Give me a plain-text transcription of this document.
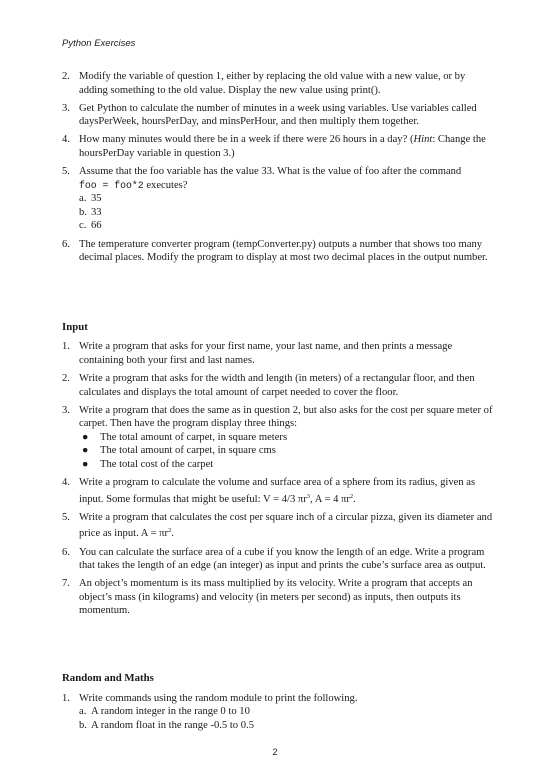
Python Exercises
2. Modify the variable of question 1, either by replacing the old value with a new value, or by adding something to the old value. Display the new value using print().
3. Get Python to calculate the number of minutes in a week using variables. Use variables called daysPerWeek, hoursPerDay, and minsPerHour, and then multiply them together.
4. How many minutes would there be in a week if there were 26 hours in a day? (Hint: Change the hoursPerDay variable in question 3.)
5. Assume that the foo variable has the value 33. What is the value of foo after the command
foo = foo*2 executes?
a. 35
b. 33
c. 66
6. The temperature converter program (tempConverter.py) outputs a number that shows too many decimal places. Modify the program to display at most two decimal places in the output number.
Input
1. Write a program that asks for your first name, your last name, and then prints a message containing both your first and last names.
2. Write a program that asks for the width and length (in meters) of a rectangular floor, and then calculates and displays the total amount of carpet needed to cover the floor.
3. Write a program that does the same as in question 2, but also asks for the cost per square meter of carpet. Then have the program display three things:
● The total amount of carpet, in square meters
● The total amount of carpet, in square cms
● The total cost of the carpet
4. Write a program to calculate the volume and surface area of a sphere from its radius, given as input. Some formulas that might be useful: V = 4/3 $\pi r^3$, A = 4 $\pi r^2$.
5. Write a program that calculates the cost per square inch of a circular pizza, given its diameter and price as input. $A = \pi r^2$.
6. You can calculate the surface area of a cube if you know the length of an edge. Write a program that takes the length of an edge (an integer) as input and prints the cube’s surface area as output.
7. An object’s momentum is its mass multiplied by its velocity. Write a program that accepts an object’s mass (in kilograms) and velocity (in meters per second) as inputs, then outputs its momentum.
Random and Maths
1. Write commands using the random module to print the following.
a. A random integer in the range 0 to 10
b. A random float in the range -0.5 to 0.5
2
